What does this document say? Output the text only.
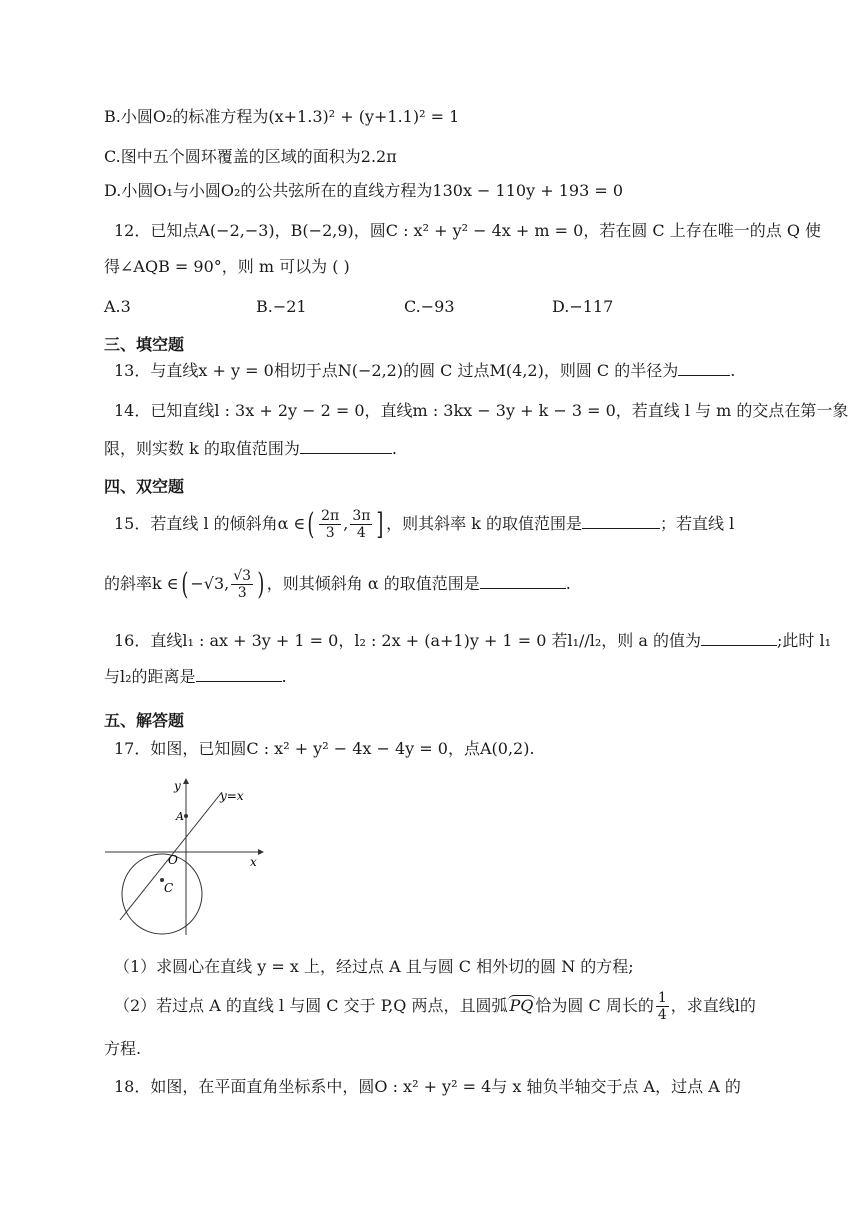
B.小圆O₂的标准方程为(x+1.3)² + (y+1.1)² = 1
C.图中五个圆环覆盖的区域的面积为2.2π
D.小圆O₁与小圆O₂的公共弦所在的直线方程为130x − 110y + 193 = 0
12．已知点A(−2,−3)，B(−2,9)，圆C : x² + y² − 4x + m = 0，若在圆 C 上存在唯一的点 Q 使
得∠AQB = 90°，则 m 可以为 ( )
A.3	B.−21	C.−93	D.−117
三、填空题
13．与直线x + y = 0相切于点N(−2,2)的圆 C 过点M(4,2)，则圆 C 的半径为	.
14．已知直线l : 3x + 2y − 2 = 0，直线m : 3kx − 3y + k − 3 = 0，若直线 l 与 m 的交点在第一象
限，则实数 k 的取值范围为	.
四、双空题
15．若直线 l 的倾斜角α ∈( $\frac{2\pi}{3}$ , $\frac{3\pi}{4}$ ] ，则其斜率 k 的取值范围是	；若直线 l
的斜率k ∈( −√3, $\frac{√3}{3}$ ) ，则其倾斜角 α 的取值范围是	.
16．直线l₁ : ax + 3y + 1 = 0，l₂ : 2x + (a+1)y + 1 = 0 若l₁//l₂，则 a 的值为	;此时 l₁
与l₂的距离是	.
五、解答题
17．如图，已知圆C : x² + y² − 4x − 4y = 0，点A(0,2).
y
x
y=x
A
O
C
（1）求圆心在直线 y = x 上，经过点 A 且与圆 C 相外切的圆 N 的方程;
（2）若过点 A 的直线 l 与圆 C 交于 P,Q 两点，且圆弧 PQ 恰为圆 C 周长的 $\frac{1}{4}$ ，求直线l的
方程.
18．如图，在平面直角坐标系中，圆O : x² + y² = 4与 x 轴负半轴交于点 A，过点 A 的
